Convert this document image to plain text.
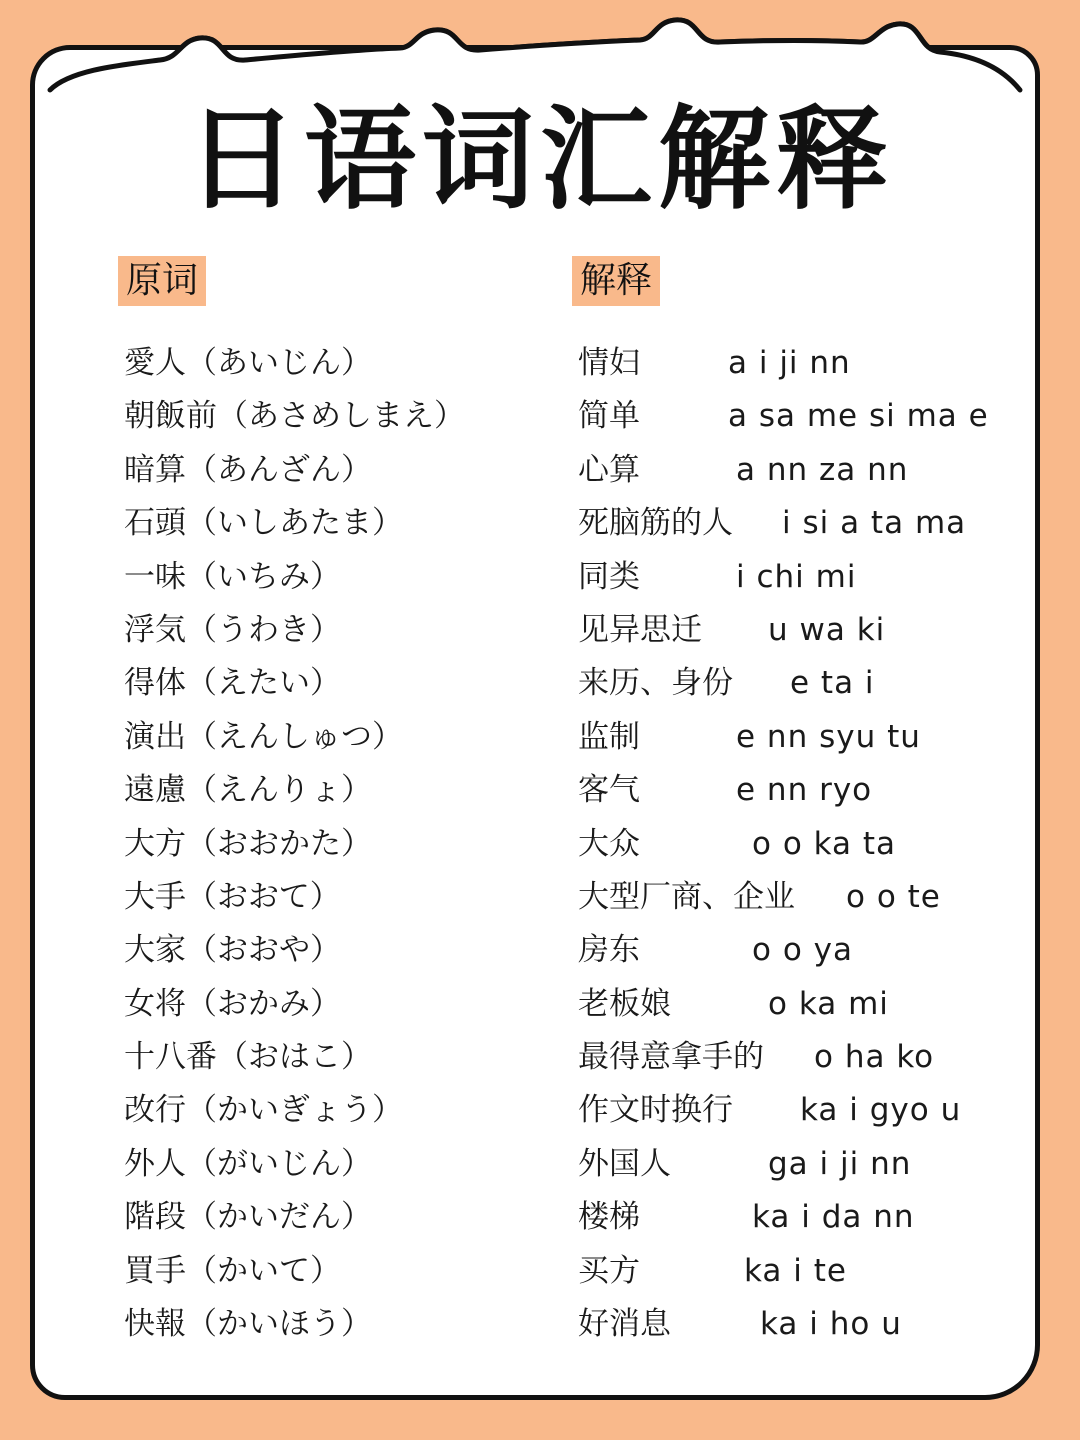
日语词汇解释
原词	解释
愛人（あいじん）	情妇	a i ji nn
朝飯前（あさめしまえ）	简单	a sa me si ma e
暗算（あんざん）	心算	a nn za nn
石頭（いしあたま）	死脑筋的人 i si a ta ma
一味（いちみ）	同类	i chi mi
浮気（うわき）	见异思迁 u wa ki
得体（えたい）	来历、身份 e ta i
演出（えんしゅつ）	监制	e nn syu tu
遠慮（えんりょ）	客气	e nn ryo
大方（おおかた）	大众	o o ka ta
大手（おおて）	大型厂商、企业 o o te
大家（おおや）	房东	o o ya
女将（おかみ）	老板娘	o ka mi
十八番（おはこ）	最得意拿手的 o ha ko
改行（かいぎょう）	作文时换行 ka i gyo u
外人（がいじん）	外国人	ga i ji nn
階段（かいだん）	楼梯	ka i da nn
買手（かいて）	买方	ka i te
快報（かいほう）	好消息	ka i ho u
